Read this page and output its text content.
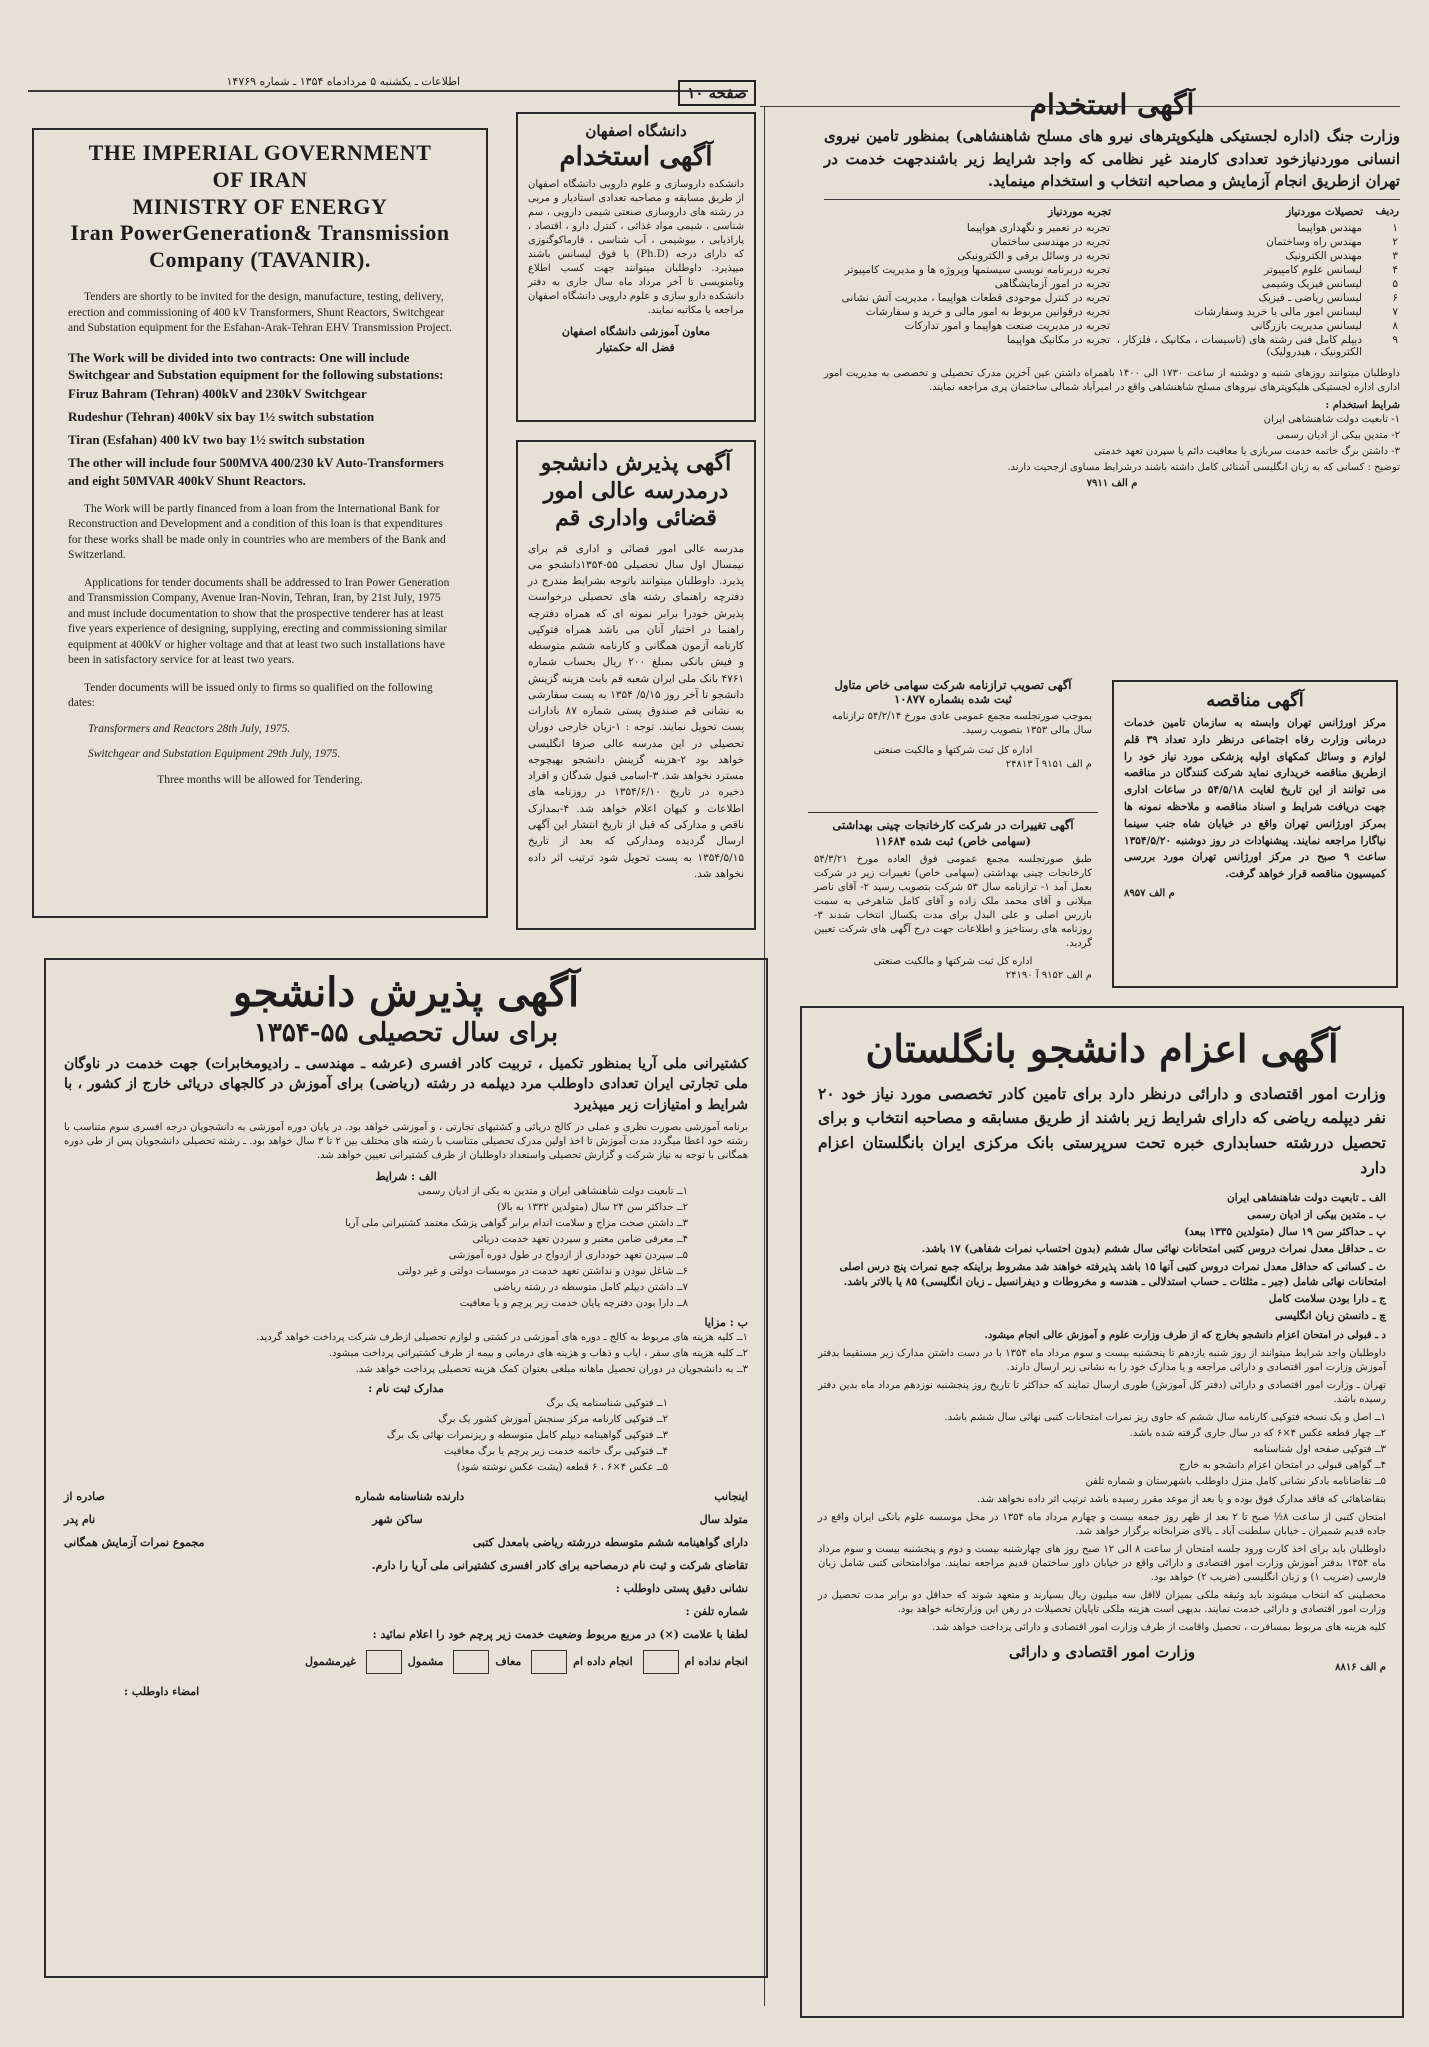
اطلاعات ـ یکشنبه ۵ مردادماه ۱۳۵۴ ـ شماره ۱۴۷۶۹
صفحه ۱۰
THE IMPERIAL GOVERNMENT
OF IRAN
MINISTRY OF ENERGY
Iran PowerGeneration& Transmission
Company (TAVANIR).

Tenders are shortly to be invited for the design, manufacture, testing, delivery, erection and commissioning of 400 kV Transformers, Shunt Reactors, Switchgear and Substation equipment for the Esfahan-Arak-Tehran EHV Transmission Project.

The Work will be divided into two contracts: One will include Switchgear and Substation equipment for the following substations:

Firuz Bahram (Tehran) 400kV and 230kV Switchgear
Rudeshur (Tehran) 400kV six bay 1½ switch substation
Tiran (Esfahan) 400 kV two bay 1½ switch substation

The other will include four 500MVA 400/230 kV Auto-Transformers and eight 50MVAR 400kV Shunt Reactors.

The Work will be partly financed from a loan from the International Bank for Reconstruction and Development and a condition of this loan is that expenditures for these works shall be made only in countries who are members of the Bank and Switzerland.

Applications for tender documents shall be addressed to Iran Power Generation and Transmission Company, Avenue Iran-Novin, Tehran, Iran, by 21st July, 1975 and must include documentation to show that the prospective tenderer has at least five years experience of designing, supplying, erecting and commissioning similar equipment at 400kV or higher voltage and that at least two such installations have been in satisfactory service for at least two years.

Tender documents will be issued only to firms so qualified on the following dates:

Transformers and Reactors 28th July, 1975.

Switchgear and Substation Equipment 29th July, 1975.

Three months will be allowed for Tendering.

دانشگاه اصفهان
آگهی استخدام

دانشکده داروسازی و علوم دارویی دانشگاه اصفهان از طریق مسابقه و مصاحبه تعدادی استادیار و مربی در رشته های داروسازی صنعتی شیمی دارویی ، سم شناسی ، شیمی مواد غذائی ، کنترل دارو ، اقتصاد ، پاراذیابی ، بیوشیمی ، آب شناسی ، فارماکوگنوزی که دارای درجه (Ph.D) یا فوق لیسانس باشند میپذیرد. داوطلبان میتوانند جهت کسب اطلاع وتامنویسی تا آخر مرداد ماه سال جاری به دفتر دانشکده دارو سازی و علوم دارویی دانشگاه اصفهان مراجعه یا مکاتبه نمایند.

معاون آموزشی دانشگاه اصفهان
فضل اله حکمتیار
آگهی پذیرش دانشجو درمدرسه عالی امور قضائی واداری قم

مدرسه عالی امور قضائی و اداری قم برای نیمسال اول سال تحصیلی ۵۵-۱۳۵۴دانشجو می پذیرد. داوطلبان میتوانند باتوجه بشرایط مندرج در دفترچه راهنمای رشته های تحصیلی درخواست پذیرش خودرا برابر نمونه ای که همراه دفترچه راهنما در اختیار آنان می باشد همراه فتوکپی کارنامه آزمون همگانی و کارنامه ششم متوسطه و فیش بانکی بمبلغ ۲۰۰ ریال بحساب شماره ۴۷۶۱ بانک ملی ایران شعبه قم بابت هزینه گزینش دانشجو تا آخر روز ۵/۱۵/ ۱۳۵۴ به پست سفارشی به نشانی قم صندوق پستی شماره ۸۷ بادارات پست تحویل نمایند. توجه : ۱-زبان خارجی دوران تحصیلی در این مدرسه عالی صرفا انگلیسی خواهد بود ۲-هزینه گزینش دانشجو بهیچوجه مسترد نخواهد شد. ۳-اسامی قبول شدگان و افراد ذخیره در تاریخ ۱۳۵۴/۶/۱۰ در روزنامه های اطلاعات و کیهان اعلام خواهد شد. ۴-بمدارک ناقص و مدارکی که قبل از تاریخ انتشار این آگهی ارسال گردیده ومدارکی که بعد از تاریخ ۱۳۵۴/۵/۱۵ به پست تحویل شود ترتیب اثر داده نخواهد شد.

آگهی استخدام

وزارت جنگ (اداره لجستیکی هلیکوپترهای نیرو های مسلح شاهنشاهی) بمنظور تامین نیروی انسانی موردنیازخود تعدادی کارمند غیر نظامی که واجد شرایط زیر باشندجهت خدمت در تهران ازطریق انجام آزمایش و مصاحبه انتخاب و استخدام مینماید.

ردیف	تحصیلات موردنیاز	تجربه موردنیاز
۱	مهندس هواپیما	تجربه در تعمیر و نگهداری هواپیما
۲	مهندس راه وساختمان	تجربه در مهندسی ساختمان
۳	مهندس الکترونیک	تجربه در وسائل برقی و الکترونیکی
۴	لیسانس علوم کامپیوتر	تجربه دربرنامه نویسی سیستمها وپروژه ها و مدیریت کامپیوتر
۵	لیسانس فیزیک وشیمی	تجربه در امور آزمایشگاهی
۶	لیسانس ریاضی ـ فیزیک	تجربه در کنترل موجودی قطعات هواپیما ، مدیریت آتش نشانی
۷	لیسانس امور مالی یا خرید وسفارشات	تجربه درقوانین مربوط به امور مالی و خرید و سفارشات
۸	لیسانس مدیریت بازرگانی	تجربه در مدیریت صنعت هواپیما و امور تدارکات
۹	دیپلم کامل فنی رشته های (تاسیسات ، مکانیک ، فلزکار ، الکترونیک ، هیدرولیک)	تجربه در مکانیک هواپیما

داوطلبان میتوانند روزهای شنبه و دوشنبه از ساعت ۱۷۳۰ الی ۱۴۰۰ باهمراه داشتن عین آخرین مدرک تحصیلی و تخصصی به مدیریت امور اداری اداره لجستیکی هلیکوپترهای نیروهای مسلح شاهنشاهی واقع در امیرآباد شمالی ساختمان پری مراجعه نمایند.

شرایط استخدام :

۱- تابعیت دولت شاهنشاهی ایران

۲- متدین بیکی از ادیان رسمی

۳- داشتن برگ خاتمه خدمت سربازی یا معافیت دائم یا سپردن تعهد خدمتی

توضیح : کسانی که به زبان انگلیسی آشنائی کامل داشته باشند درشرایط مساوی ارجحیت دارند.

م الف ۷۹۱۱
آگهی تصویب ترازنامه شرکت سهامی خاص متاول
ثبت شده بشماره ۱۰۸۷۷

بموجب صورتجلسه مجمع عمومی عادی مورخ ۵۴/۲/۱۴ ترازنامه سال مالی ۱۳۵۳ بتصویب رسید.

اداره کل ثبت شرکتها و مالکیت صنعتی
م الف ۹۱۵۱ آ ۲۴۸۱۳
آگهی تغییرات در شرکت کارخانجات چینی بهداشتی (سهامی خاص) ثبت شده ۱۱۶۸۴

طبق صورتجلسه مجمع عمومی فوق العاده مورخ ۵۴/۳/۲۱ کارخانجات چینی بهداشتی (سهامی خاص) تغییرات زیر در شرکت بعمل آمد ۱- ترازنامه سال ۵۳ شرکت بتصویب رسید ۲- آقای ناصر میلانی و آقای محمد ملک زاده و آقای کامل شاهرخی به سمت بازرس اصلی و علی البدل برای مدت یکسال انتخاب شدند ۳- روزنامه های رستاخیز و اطلاعات جهت درج آگهی های شرکت تعیین گردید.

اداره کل ثبت شرکتها و مالکیت صنعتی
م الف ۹۱۵۲ آ ۲۴۱۹۰
آگهی مناقصه

مرکز اورژانس تهران وابسته به سازمان تامین خدمات درمانی وزارت رفاه اجتماعی درنظر دارد تعداد ۳۹ قلم لوازم و وسائل کمکهای اولیه پزشکی مورد نیاز خود را ازطریق مناقصه خریداری نماید شرکت کنندگان در مناقصه می توانند از این تاریخ لغایت ۵۴/۵/۱۸ در ساعات اداری جهت دریافت شرایط و اسناد مناقصه و ملاحظه نمونه ها بمرکز اورژانس تهران واقع در خیابان شاه جنب سینما نیاگارا مراجعه نمایند. پیشنهادات در روز دوشنبه ۱۳۵۴/۵/۲۰ ساعت ۹ صبح در مرکز اورژانس تهران مورد بررسی کمیسیون مناقصه قرار خواهد گرفت.

م الف ۸۹۵۷
آگهی پذیرش دانشجو
برای سال تحصیلی ۵۵-۱۳۵۴

کشتیرانی ملی آریا بمنظور تکمیل ، تربیت کادر افسری (عرشه ـ مهندسی ـ رادیومخابرات) جهت خدمت در ناوگان ملی تجارتی ایران تعدادی داوطلب مرد دیپلمه در رشته (ریاضی) برای آموزش در کالجهای دریائی خارج از کشور ، با شرایط و امتیازات زیر میپذیرد

برنامه آموزشی بصورت نظری و عملی در کالج دریائی و کشتیهای تجارتی ، و آموزشی خواهد بود. در پایان دوره آموزشی به دانشجویان درجه افسری سوم متناسب با رشته خود اعطا میگردد مدت آموزش تا اخذ اولین مدرک تحصیلی متناسب با رشته های مختلف بین ۲ تا ۳ سال خواهد بود. ـ رشته تحصیلی دانشجویان پس از طی دوره همگانی با توجه به نیاز شرکت و گزارش تحصیلی واستعداد داوطلبان از طرف کشتیرانی تعیین خواهد شد.

الف : شرایط

۱ــ تابعیت دولت شاهنشاهی ایران و متدین به یکی از ادیان رسمی

۲ــ حداکثر سن ۲۴ سال (متولدین ۱۳۳۲ به بالا)

۳ــ داشتن صحت مزاج و سلامت اندام برابر گواهی پزشک معتمد کشتیرانی ملی آریا

۴ــ معرفی ضامن معتبر و سپردن تعهد خدمت دریائی

۵ــ سپردن تعهد خودداری از ازدواج در طول دوره آموزشی

۶ــ شاغل نبودن و نداشتن تعهد خدمت در موسسات دولتی و غیر دولتی

۷ــ داشتن دیپلم کامل متوسطه در رشته ریاضی

۸ــ دارا بودن دفترچه پایان خدمت زیر پرچم و یا معافیت

ب : مزایا

۱ــ کلیه هزینه های مربوط به کالج ـ دوره های آموزشی در کشتی و لوازم تحصیلی ازطرف شرکت پرداخت خواهد گردید.

۲ــ کلیه هزینه های سفر ، ایاب و ذهاب و هزینه های درمانی و بیمه از طرف کشتیرانی پرداخت میشود.

۳ــ به دانشجویان در دوران تحصیل ماهانه مبلغی بعنوان کمک هزینه تحصیلی پرداخت خواهد شد.

مدارک ثبت نام :

۱ــ فتوکپی شناسنامه یک برگ

۲ــ فتوکپی کارنامه مرکز سنجش آموزش کشور یک برگ

۳ــ فتوکپی گواهینامه دیپلم کامل متوسطه و ریزنمرات نهائی یک برگ

۴ــ فتوکپی برگ خاتمه خدمت زیر پرچم یا برگ معافیت

۵ــ عکس ۴×۶ ، ۶ قطعه (پشت عکس نوشته شود)

اینجانب
دارنده شناسنامه شماره
صادره از
متولد سال
ساکن شهر
نام پدر
دارای گواهینامه ششم متوسطه دررشته ریاضی بامعدل کتبی
مجموع نمرات آزمایش همگانی
تقاضای شرکت و ثبت نام درمصاحبه برای کادر افسری کشتیرانی ملی آریا را دارم.
نشانی دقیق پستی داوطلب :
شماره تلفن :
لطفا با علامت (×) در مربع مربوط وضعیت خدمت زیر پرچم خود را اعلام نمائید :
انجام نداده ام انجام داده ام معاف مشمول غیرمشمول
امضاء داوطلب :
آگهی اعزام دانشجو بانگلستان

وزارت امور اقتصادی و دارائی درنظر دارد برای تامین کادر تخصصی مورد نیاز خود ۲۰ نفر دیپلمه ریاضی که دارای شرایط زیر باشند از طریق مسابقه و مصاحبه انتخاب و برای تحصیل دررشته حسابداری خبره تحت سرپرستی بانک مرکزی ایران بانگلستان اعزام دارد

الف ـ تابعیت دولت شاهنشاهی ایران

ب ـ متدین بیکی از ادیان رسمی

پ ـ حداکثر سن ۱۹ سال (متولدین ۱۳۳۵ ببعد)

ت ـ حداقل معدل نمرات دروس کتبی امتحانات نهائی سال ششم (بدون احتساب نمرات شفاهی) ۱۷ باشد.

ث ـ کسانی که حداقل معدل نمرات دروس کتبی آنها ۱۵ باشد پذیرفته خواهند شد مشروط براینکه جمع نمرات پنج درس اصلی امتحانات نهائی شامل (جبر ـ مثلثات ـ حساب استدلالی ـ هندسه و مخروطات و دیفرانسیل ـ زبان انگلیسی) ۸۵ یا بالاتر باشد.

ج ـ دارا بودن سلامت کامل

چ ـ دانستن زبان انگلیسی

د ـ قبولی در امتحان اعزام دانشجو بخارج که از طرف وزارت علوم و آموزش عالی انجام میشود.

داوطلبان واجد شرایط میتوانند از روز شنبه یازدهم تا پنجشنبه بیست و سوم مرداد ماه ۱۳۵۴ با در دست داشتن مدارک زیر مستقیما بدفتر آموزش وزارت امور اقتصادی و دارائی مراجعه و یا مدارک خود را به نشانی زیر ارسال دارند.

تهران ـ وزارت امور اقتصادی و دارائی (دفتر کل آموزش) طوری ارسال نمایند که حداکثر تا تاریخ روز پنجشنبه نوزدهم مرداد ماه بدین دفتر رسیده باشد.

۱ــ اصل و یک نسخه فتوکپی کارنامه سال ششم که حاوی ریز نمرات امتحانات کتبی نهائی سال ششم باشد.

۲ــ چهار قطعه عکس ۴×۶ که در سال جاری گرفته شده باشد.

۳ــ فتوکپی صفحه اول شناسنامه

۴ــ گواهی قبولی در امتحان اعزام دانشجو به خارج

۵ــ تقاضانامه بادکر نشانی کامل منزل داوطلب باشهرستان و شماره تلفن

بتقاضاهائی که فاقد مدارک فوق بوده و یا بعد از موعد مقرر رسیده باشد ترتیب اثر داده نخواهد شد.

امتحان کتبی از ساعت ۸½ صبح تا ۲ بعد از ظهر روز جمعه بیست و چهارم مرداد ماه ۱۳۵۴ در محل موسسه علوم بانکی ایران واقع در جاده قدیم شمیران ـ خیابان سلطنت آباد ـ بالای ضرابخانه برگزار خواهد شد.

داوطلبان باید برای اخذ کارت ورود جلسه امتحان از ساعت ۸ الی ۱۲ صبح روز های چهارشنبه بیست و دوم و پنجشنبه بیست و سوم مرداد ماه ۱۳۵۴ بدفتر آموزش وزارت امور اقتصادی و دارائی واقع در خیابان داور ساختمان قدیم مراجعه نمایند. موادامتحانی کتبی شامل زبان فارسی (ضریب ۱) و زبان انگلیسی (ضریب ۲) خواهد بود.

محصلینی که انتخاب میشوند باید وثیقه ملکی بمیزان لااقل سه میلیون ریال بسپارند و متعهد شوند که حداقل دو برابر مدت تحصیل در وزارت امور اقتصادی و دارائی خدمت نمایند. بدیهی است هزینه ملکی تایاپان تحصیلات در رهن این وزارتخانه خواهد بود.

کلیه هزینه های مربوط بمسافرت ، تحصیل واقامت از طرف وزارت امور اقتصادی و دارائی پرداخت خواهد شد.

وزارت امور اقتصادی و دارائی
م الف ۸۸۱۶
